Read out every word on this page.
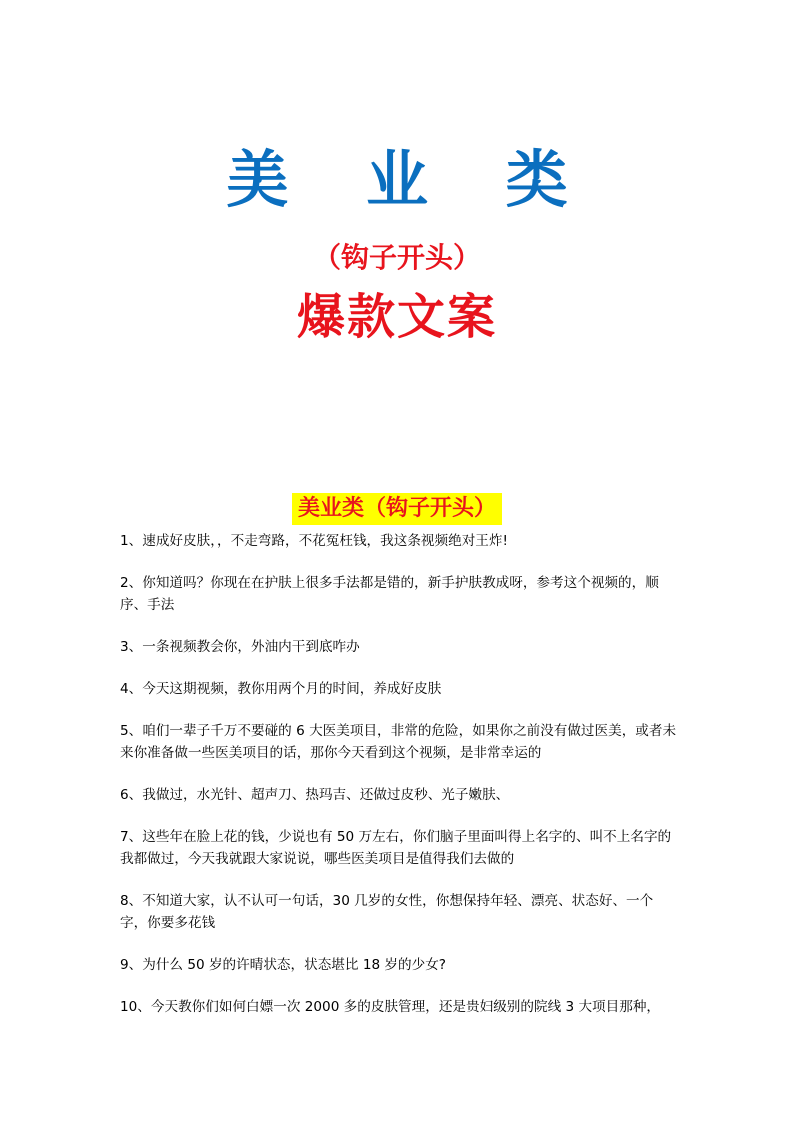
美 业 类
（钩子开头）
爆款文案
美业类（钩子开头）
1、速成好皮肤，，不走弯路，不花冤枉钱，我这条视频绝对王炸!
2、你知道吗？你现在在护肤上很多手法都是错的，新手护肤教成呀，参考这个视频的，顺序、手法
3、一条视频教会你，外油内干到底咋办
4、今天这期视频，教你用两个月的时间，养成好皮肤
5、咱们一辈子千万不要碰的 6 大医美项目，非常的危险，如果你之前没有做过医美，或者未来你准备做一些医美项目的话，那你今天看到这个视频，是非常幸运的
6、我做过，水光针、超声刀、热玛吉、还做过皮秒、光子嫩肤、
7、这些年在脸上花的钱，少说也有 50 万左右，你们脑子里面叫得上名字的、叫不上名字的我都做过，今天我就跟大家说说，哪些医美项目是值得我们去做的
8、不知道大家，认不认可一句话，30 几岁的女性，你想保持年轻、漂亮、状态好、一个字，你要多花钱
9、为什么 50 岁的许晴状态，状态堪比 18 岁的少女?
10、今天教你们如何白嫖一次 2000 多的皮肤管理，还是贵妇级别的院线 3 大项目那种，
